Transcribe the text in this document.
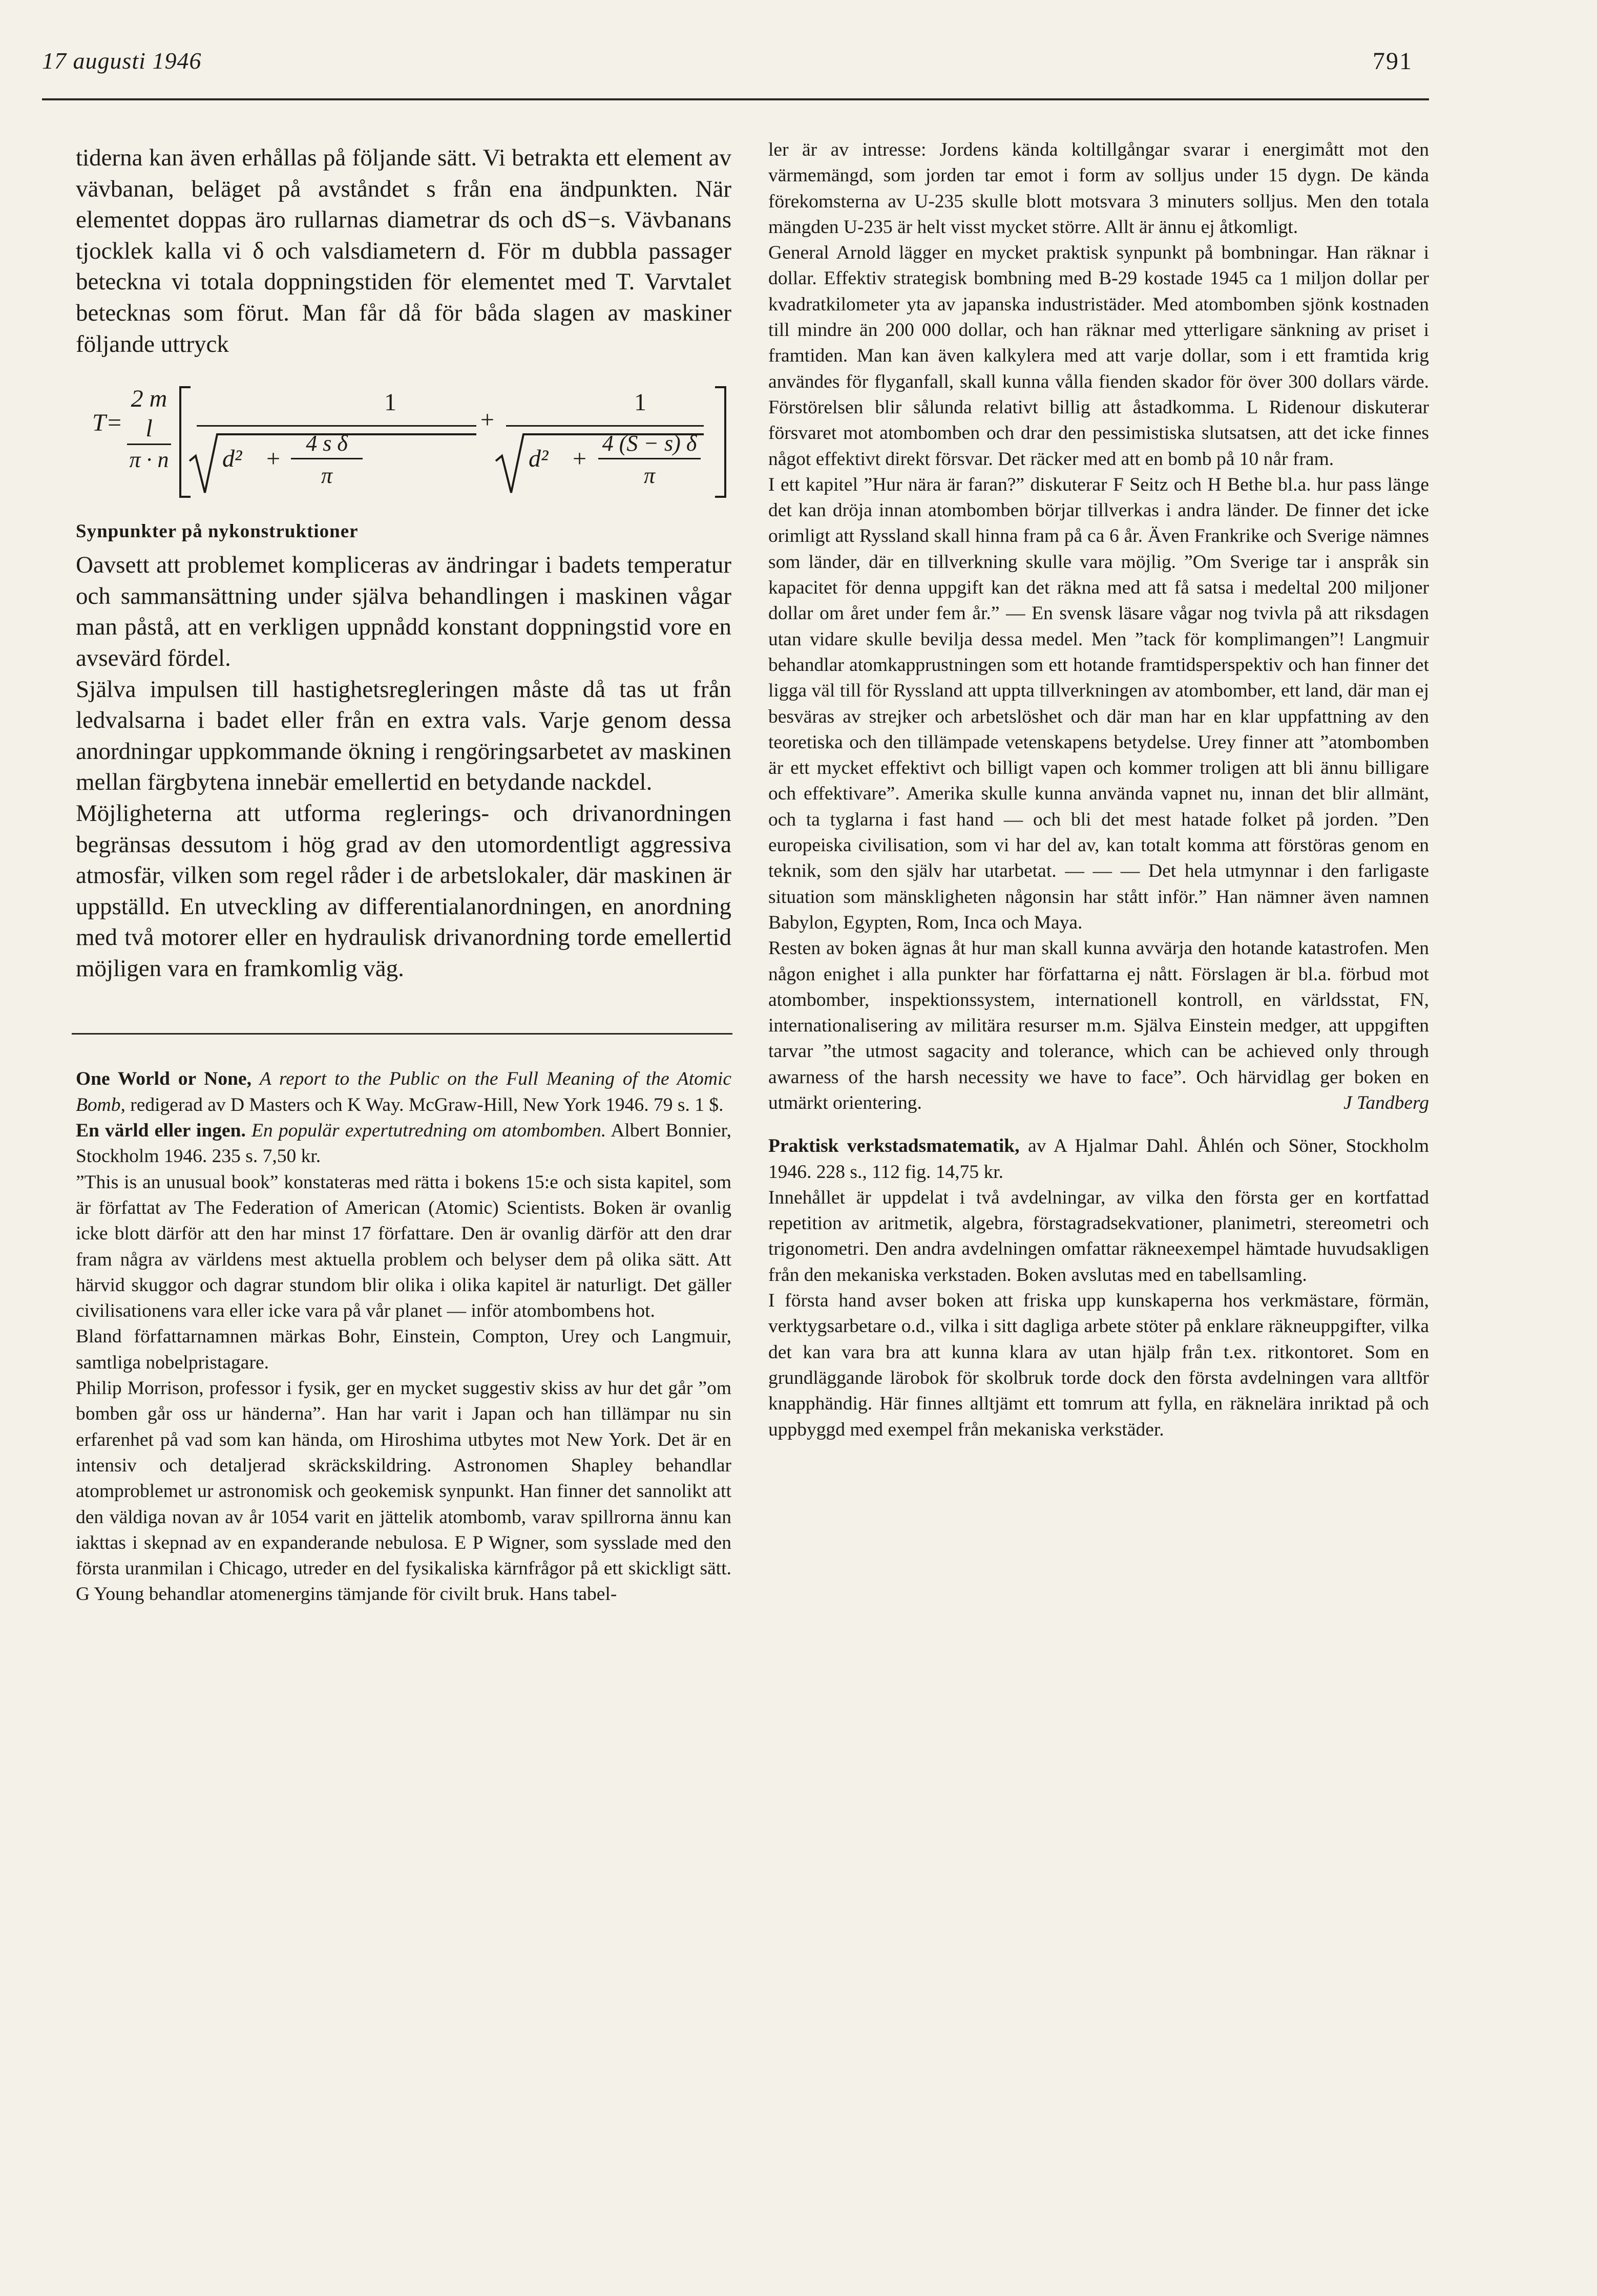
17 augusti 1946	791

tiderna kan även erhållas på följande sätt. Vi betrakta ett element av vävbanan, beläget på avståndet s från ena ändpunkten. När elementet doppas äro rullarnas diametrar ds och dS−s. Vävbanans tjocklek kalla vi δ och valsdiametern d. För m dubbla passager beteckna vi totala doppningstiden för elementet med T. Varvtalet betecknas som förut. Man får då för båda slagen av maskiner följande uttryck

$T = \frac{\text{2 m l}}{\pi \cdot n}$	1
+
1
$d^2 + \frac{\text{4 s δ}}{\pi}$	$d^2 + \frac{4 (S - s) \delta}{\pi}$
Synpunkter på nykonstruktioner

Oavsett att problemet kompliceras av ändringar i badets temperatur och sammansättning under själva behandlingen i maskinen vågar man påstå, att en verkligen uppnådd konstant doppningstid vore en avsevärd fördel.

Själva impulsen till hastighetsregleringen måste då tas ut från ledvalsarna i badet eller från en extra vals. Varje genom dessa anordningar uppkommande ökning i rengöringsarbetet av maskinen mellan färgbytena innebär emellertid en betydande nackdel.

Möjligheterna att utforma reglerings- och drivanordningen begränsas dessutom i hög grad av den utomordentligt aggressiva atmosfär, vilken som regel råder i de arbetslokaler, där maskinen är uppställd. En utveckling av differentialanordningen, en anordning med två motorer eller en hydraulisk drivanordning torde emellertid möjligen vara en framkomlig väg.

One World or None, A report to the Public on the Full Meaning of the Atomic Bomb, redigerad av D Masters och K Way. McGraw-Hill, New York 1946. 79 s. 1 $.

En värld eller ingen. En populär expertutredning om atombomben. Albert Bonnier, Stockholm 1946. 235 s. 7,50 kr.

”This is an unusual book” konstateras med rätta i bokens 15:e och sista kapitel, som är författat av The Federation of American (Atomic) Scientists. Boken är ovanlig icke blott därför att den har minst 17 författare. Den är ovanlig därför att den drar fram några av världens mest aktuella problem och belyser dem på olika sätt. Att härvid skuggor och dagrar stundom blir olika i olika kapitel är naturligt. Det gäller civilisationens vara eller icke vara på vår planet — inför atombombens hot.

Bland författarnamnen märkas Bohr, Einstein, Compton, Urey och Langmuir, samtliga nobelpristagare.

Philip Morrison, professor i fysik, ger en mycket suggestiv skiss av hur det går ”om bomben går oss ur händerna”. Han har varit i Japan och han tillämpar nu sin erfarenhet på vad som kan hända, om Hiroshima utbytes mot New York. Det är en intensiv och detaljerad skräckskildring. Astronomen Shapley behandlar atomproblemet ur astronomisk och geokemisk synpunkt. Han finner det sannolikt att den väldiga novan av år 1054 varit en jättelik atombomb, varav spillrorna ännu kan iakttas i skepnad av en expanderande nebulosa. E P Wigner, som sysslade med den första uranmilan i Chicago, utreder en del fysikaliska kärnfrågor på ett skickligt sätt. G Young behandlar atomenergins tämjande för civilt bruk. Hans tabel-

ler är av intresse: Jordens kända koltillgångar svarar i energimått mot den värmemängd, som jorden tar emot i form av solljus under 15 dygn. De kända förekomsterna av U-235 skulle blott motsvara 3 minuters solljus. Men den totala mängden U-235 är helt visst mycket större. Allt är ännu ej åtkomligt.

General Arnold lägger en mycket praktisk synpunkt på bombningar. Han räknar i dollar. Effektiv strategisk bombning med B-29 kostade 1945 ca 1 miljon dollar per kvadratkilometer yta av japanska industristäder. Med atombomben sjönk kostnaden till mindre än 200 000 dollar, och han räknar med ytterligare sänkning av priset i framtiden. Man kan även kalkylera med att varje dollar, som i ett framtida krig användes för flyganfall, skall kunna vålla fienden skador för över 300 dollars värde. Förstörelsen blir sålunda relativt billig att åstadkomma. L Ridenour diskuterar försvaret mot atombomben och drar den pessimistiska slutsatsen, att det icke finnes något effektivt direkt försvar. Det räcker med att en bomb på 10 når fram.

I ett kapitel ”Hur nära är faran?” diskuterar F Seitz och H Bethe bl.a. hur pass länge det kan dröja innan atombomben börjar tillverkas i andra länder. De finner det icke orimligt att Ryssland skall hinna fram på ca 6 år. Även Frankrike och Sverige nämnes som länder, där en tillverkning skulle vara möjlig. ”Om Sverige tar i anspråk sin kapacitet för denna uppgift kan det räkna med att få satsa i medeltal 200 miljoner dollar om året under fem år.” — En svensk läsare vågar nog tvivla på att riksdagen utan vidare skulle bevilja dessa medel. Men ”tack för komplimangen”! Langmuir behandlar atomkapprustningen som ett hotande framtidsperspektiv och han finner det ligga väl till för Ryssland att uppta tillverkningen av atombomber, ett land, där man ej besväras av strejker och arbetslöshet och där man har en klar uppfattning av den teoretiska och den tillämpade vetenskapens betydelse. Urey finner att ”atombomben är ett mycket effektivt och billigt vapen och kommer troligen att bli ännu billigare och effektivare”. Amerika skulle kunna använda vapnet nu, innan det blir allmänt, och ta tyglarna i fast hand — och bli det mest hatade folket på jorden. ”Den europeiska civilisation, som vi har del av, kan totalt komma att förstöras genom en teknik, som den själv har utarbetat. — — — Det hela utmynnar i den farligaste situation som mänskligheten någonsin har stått inför.” Han nämner även namnen Babylon, Egypten, Rom, Inca och Maya.

Resten av boken ägnas åt hur man skall kunna avvärja den hotande katastrofen. Men någon enighet i alla punkter har författarna ej nått. Förslagen är bl.a. förbud mot atombomber, inspektionssystem, internationell kontroll, en världsstat, FN, internationalisering av militära resurser m.m. Själva Einstein medger, att uppgiften tarvar ”the utmost sagacity and tolerance, which can be achieved only through awarness of the harsh necessity we have to face”. Och härvidlag ger boken en utmärkt orientering.	J Tandberg

Praktisk verkstadsmatematik, av A Hjalmar Dahl. Åhlén och Söner, Stockholm 1946. 228 s., 112 fig. 14,75 kr.

Innehållet är uppdelat i två avdelningar, av vilka den första ger en kortfattad repetition av aritmetik, algebra, förstagradsekvationer, planimetri, stereometri och trigonometri. Den andra avdelningen omfattar räkneexempel hämtade huvudsakligen från den mekaniska verkstaden. Boken avslutas med en tabellsamling.

I första hand avser boken att friska upp kunskaperna hos verkmästare, förmän, verktygsarbetare o.d., vilka i sitt dagliga arbete stöter på enklare räkneuppgifter, vilka det kan vara bra att kunna klara av utan hjälp från t.ex. ritkontoret. Som en grundläggande lärobok för skolbruk torde dock den första avdelningen vara alltför knapphändig. Här finnes alltjämt ett tomrum att fylla, en räknelära inriktad på och uppbyggd med exempel från mekaniska verkstäder.
